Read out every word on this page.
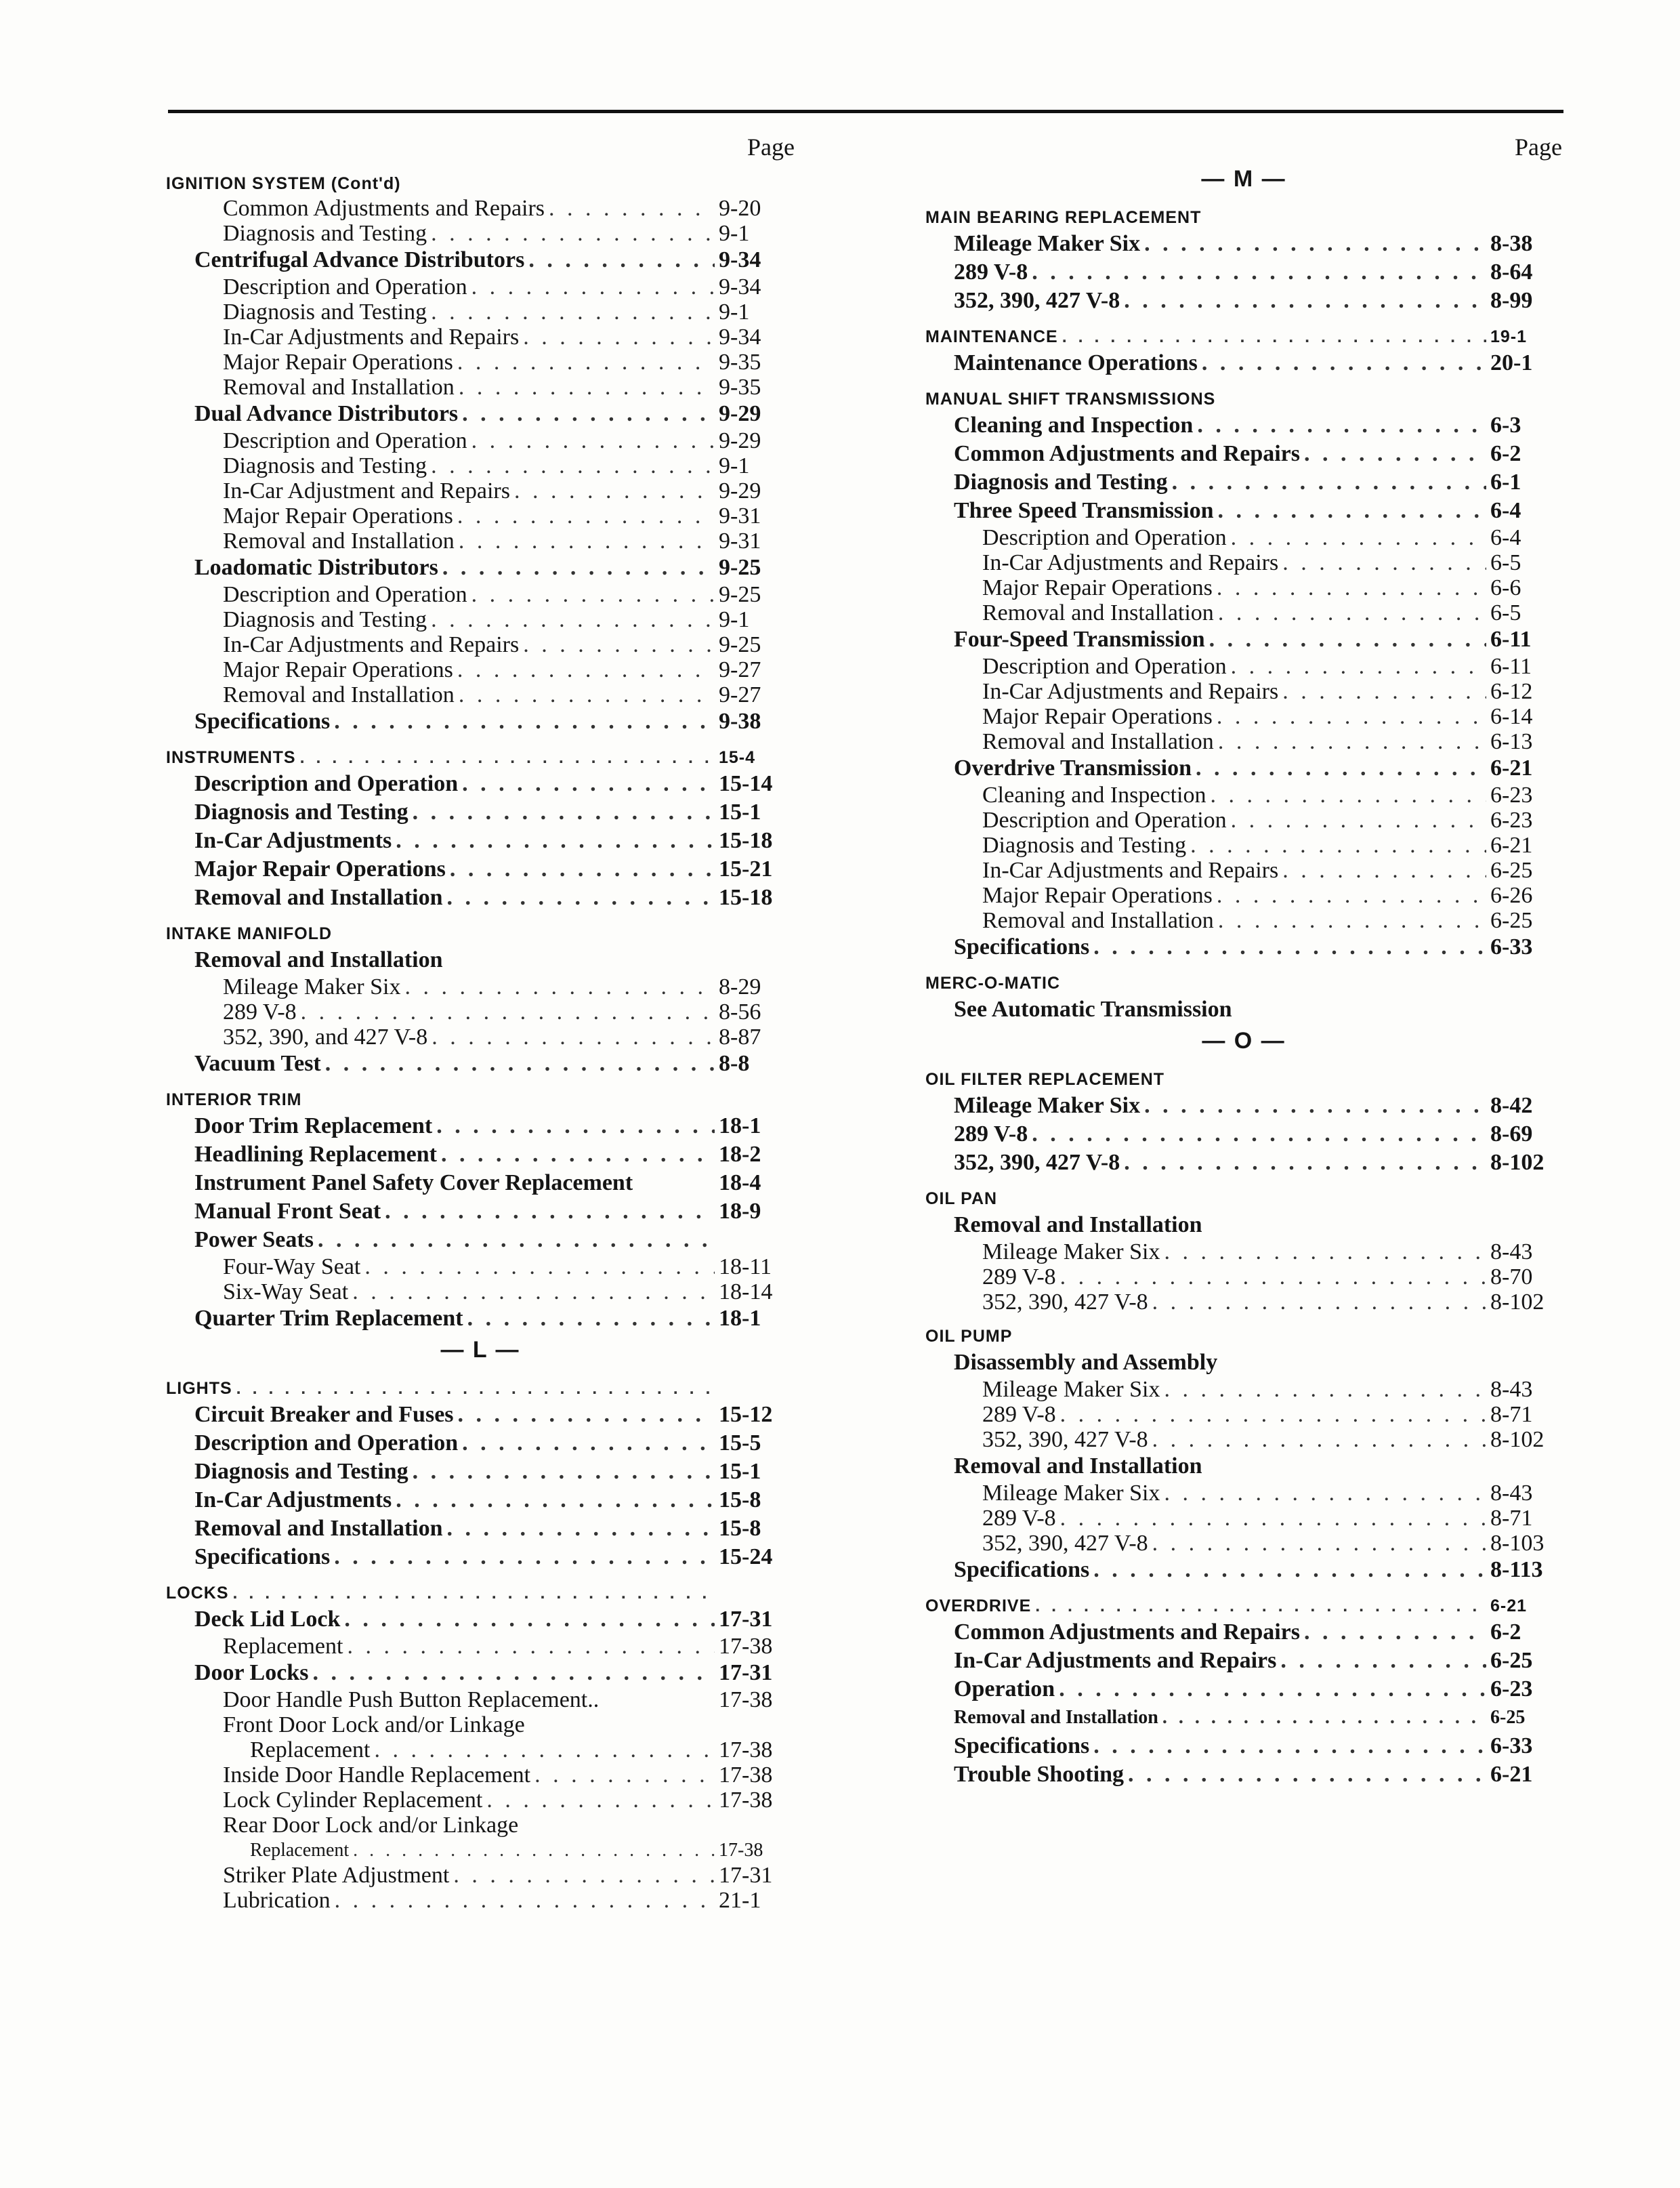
Page
IGNITION SYSTEM (Cont'd)
Common Adjustments and Repairs . . .	9-20
Diagnosis and Testing . . .	9-1
Centrifugal Advance Distributors . . .	9-34
Description and Operation . . .	9-34
Diagnosis and Testing . . .	9-1
In-Car Adjustments and Repairs . . .	9-34
Major Repair Operations . . .	9-35
Removal and Installation . . .	9-35
Dual Advance Distributors . . .	9-29
Description and Operation . . .	9-29
Diagnosis and Testing . . .	9-1
In-Car Adjustment and Repairs . . .	9-29
Major Repair Operations . . .	9-31
Removal and Installation . . .	9-31
Loadomatic Distributors . . .	9-25
Description and Operation . . .	9-25
Diagnosis and Testing . . .	9-1
In-Car Adjustments and Repairs . . .	9-25
Major Repair Operations . . .	9-27
Removal and Installation . . .	9-27
Specifications . . .	9-38
INSTRUMENTS . . .	15-4
Description and Operation . . .	15-14
Diagnosis and Testing . . .	15-1
In-Car Adjustments . . .	15-18
Major Repair Operations . . .	15-21
Removal and Installation . . .	15-18
INTAKE MANIFOLD
Removal and Installation
Mileage Maker Six . . .	8-29
289 V-8 . . .	8-56
352, 390, and 427 V-8 . . .	8-87
Vacuum Test . . .	8-8
INTERIOR TRIM
Door Trim Replacement . . .	18-1
Headlining Replacement . . .	18-2
Instrument Panel Safety Cover Replacement	18-4
Manual Front Seat . . .	18-9
Power Seats
. . .
Four-Way Seat . . .	18-11
Six-Way Seat . . .	18-14
Quarter Trim Replacement . . .	18-1
— L —
LIGHTS
. . .
Circuit Breaker and Fuses . . .	15-12
Description and Operation . . .	15-5
Diagnosis and Testing . . .	15-1
In-Car Adjustments . . .	15-8
Removal and Installation . . .	15-8
Specifications . . .	15-24
LOCKS
. . .
Deck Lid Lock . . .	17-31
Replacement . . .	17-38
Door Locks . . .	17-31
Door Handle Push Button Replacement..	17-38
Front Door Lock and/or Linkage
Replacement . . .	17-38
Inside Door Handle Replacement . . .	17-38
Lock Cylinder Replacement . . .	17-38
Rear Door Lock and/or Linkage
Replacement . . .	17-38
Striker Plate Adjustment . . .	17-31
Lubrication . . .	21-1
Page
— M —
MAIN BEARING REPLACEMENT
Mileage Maker Six . . .	8-38
289 V-8 . . .	8-64
352, 390, 427 V-8 . . .	8-99
MAINTENANCE . . .	19-1
Maintenance Operations . . .	20-1
MANUAL SHIFT TRANSMISSIONS
Cleaning and Inspection . . .	6-3
Common Adjustments and Repairs . . .	6-2
Diagnosis and Testing . . .	6-1
Three Speed Transmission . . .	6-4
Description and Operation . . .	6-4
In-Car Adjustments and Repairs . . .	6-5
Major Repair Operations . . .	6-6
Removal and Installation . . .	6-5
Four-Speed Transmission . . .	6-11
Description and Operation . . .	6-11
In-Car Adjustments and Repairs . . .	6-12
Major Repair Operations . . .	6-14
Removal and Installation . . .	6-13
Overdrive Transmission . . .	6-21
Cleaning and Inspection . . .	6-23
Description and Operation . . .	6-23
Diagnosis and Testing . . .	6-21
In-Car Adjustments and Repairs . . .	6-25
Major Repair Operations . . .	6-26
Removal and Installation . . .	6-25
Specifications . . .	6-33
MERC-O-MATIC
See Automatic Transmission
— O —
OIL FILTER REPLACEMENT
Mileage Maker Six . . .	8-42
289 V-8 . . .	8-69
352, 390, 427 V-8 . . .	8-102
OIL PAN
Removal and Installation
Mileage Maker Six . . .	8-43
289 V-8 . . .	8-70
352, 390, 427 V-8 . . .	8-102
OIL PUMP
Disassembly and Assembly
Mileage Maker Six . . .	8-43
289 V-8 . . .	8-71
352, 390, 427 V-8 . . .	8-102
Removal and Installation
Mileage Maker Six . . .	8-43
289 V-8 . . .	8-71
352, 390, 427 V-8 . . .	8-103
Specifications . . .	8-113
OVERDRIVE . . .	6-21
Common Adjustments and Repairs . . .	6-2
In-Car Adjustments and Repairs . . .	6-25
Operation . . .	6-23
Removal and Installation . . .	6-25
Specifications . . .	6-33
Trouble Shooting . . .	6-21
